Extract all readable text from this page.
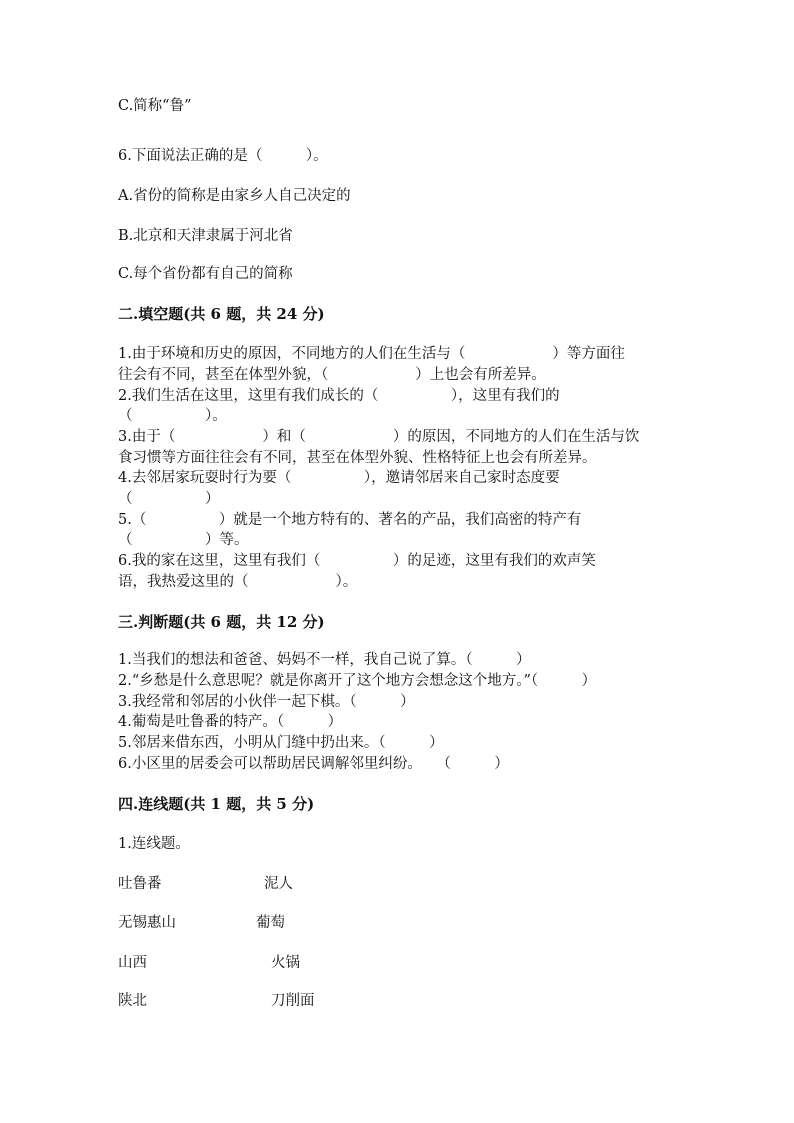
C.简称“鲁”
6.下面说法正确的是（　　　）。
A.省份的简称是由家乡人自己决定的
B.北京和天津隶属于河北省
C.每个省份都有自己的简称
二.填空题(共 6 题，共 24 分)
1.由于环境和历史的原因，不同地方的人们在生活与（　　　　　　）等方面往
往会有不同，甚至在体型外貌，（　　　　　　）上也会有所差异。
2.我们生活在这里，这里有我们成长的（　　　　　），这里有我们的
（　　　　　）。
3.由于（　　　　　　）和（　　　　　　）的原因，不同地方的人们在生活与饮
食习惯等方面往往会有不同，甚至在体型外貌、性格特征上也会有所差异。
4.去邻居家玩耍时行为要（　　　　　），邀请邻居来自己家时态度要
（　　　　　）
5.（　　　　　）就是一个地方特有的、著名的产品，我们高密的特产有
（　　　　　）等。
6.我的家在这里，这里有我们（　　　　　）的足迹，这里有我们的欢声笑
语，我热爱这里的（　　　　　　）。
三.判断题(共 6 题，共 12 分)
1.当我们的想法和爸爸、妈妈不一样，我自己说了算。（　　　）
2.“乡愁是什么意思呢？就是你离开了这个地方会想念这个地方。”（　　　）
3.我经常和邻居的小伙伴一起下棋。（　　　）
4.葡萄是吐鲁番的特产。（　　　）
5.邻居来借东西，小明从门缝中扔出来。（　　　）
6.小区里的居委会可以帮助居民调解邻里纠纷。　　（　　　）
四.连线题(共 1 题，共 5 分)
1.连线题。
吐鲁番	泥人
无锡惠山	葡萄
山西	火锅
陕北	刀削面
